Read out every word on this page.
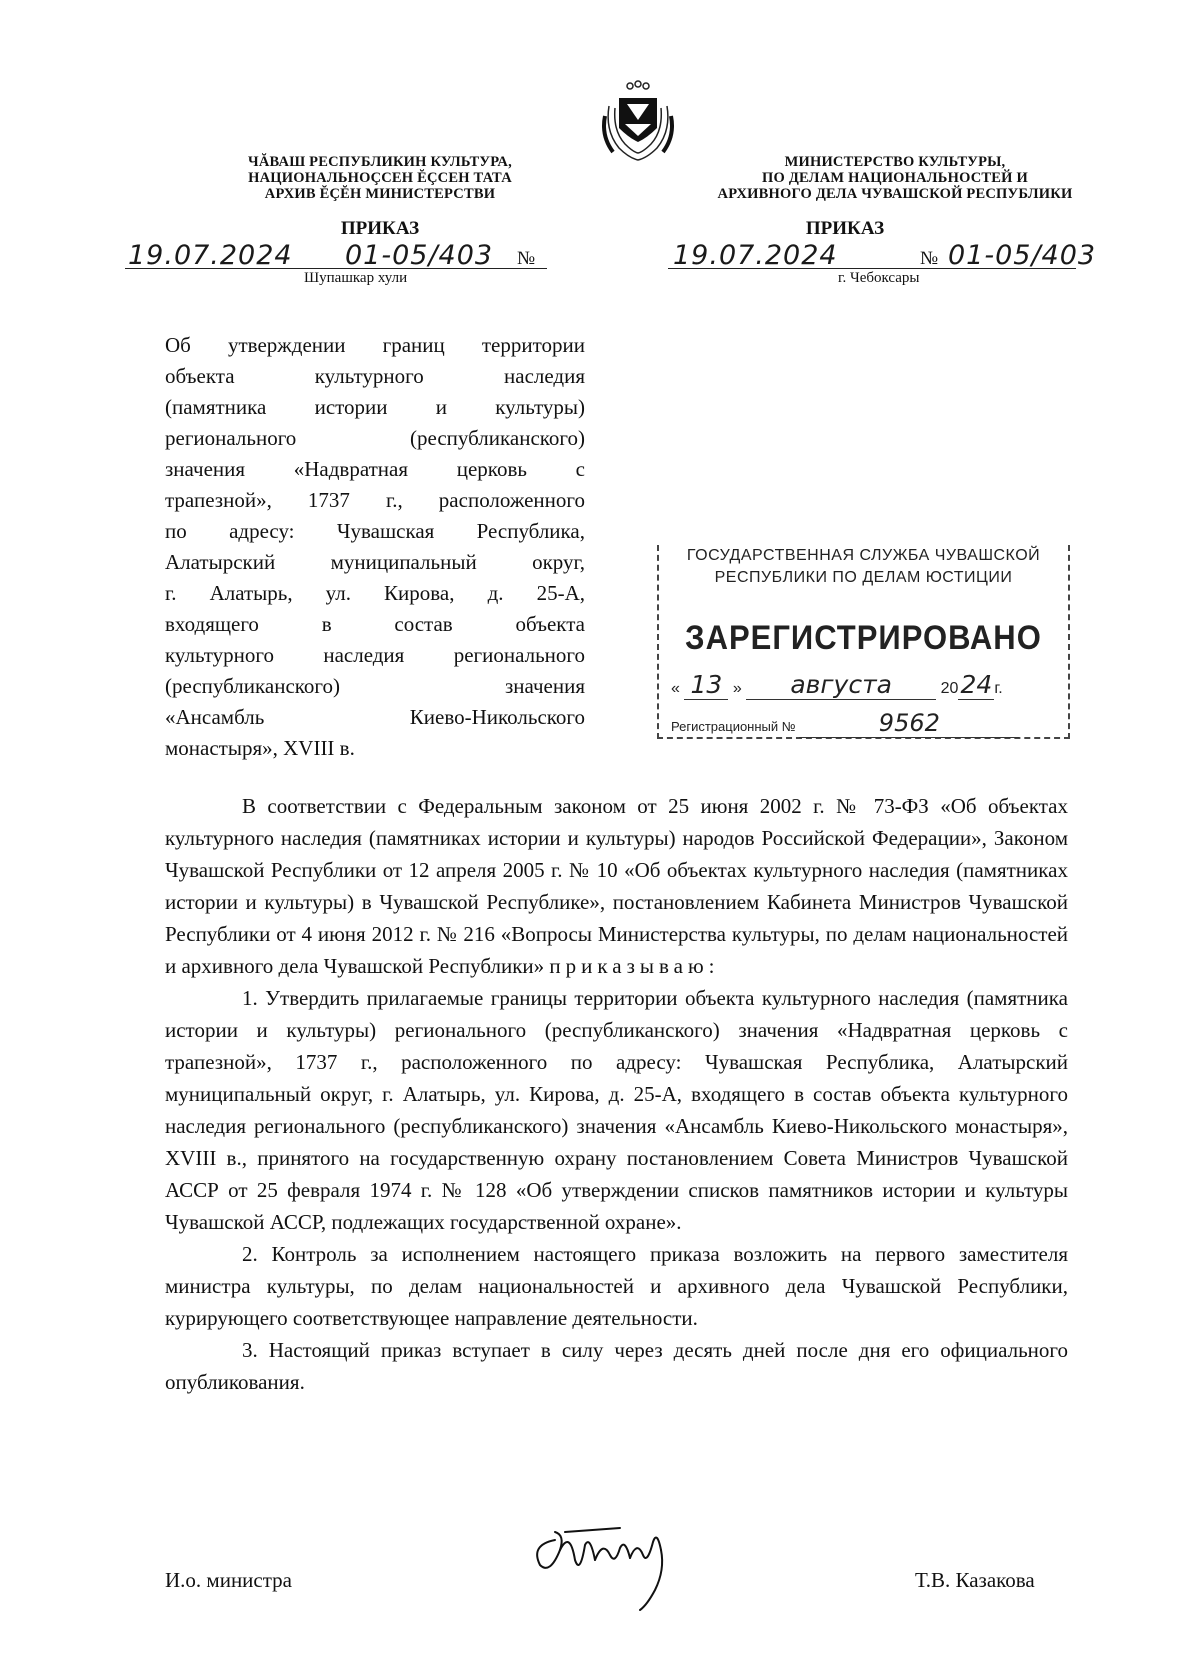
ЧĂВАШ РЕСПУБЛИКИН КУЛЬТУРА,
НАЦИОНАЛЬНОÇСЕН ĔÇСЕН ТАТА
АРХИВ ĔÇĔН МИНИСТЕРСТВИ
ПРИКАЗ
19.07.2024 01-05/403 №
Шупашкар хули
МИНИСТЕРСТВО КУЛЬТУРЫ,
ПО ДЕЛАМ НАЦИОНАЛЬНОСТЕЙ И
АРХИВНОГО ДЕЛА ЧУВАШСКОЙ РЕСПУБЛИКИ
ПРИКАЗ
19.07.2024	№ 01-05/403
г. Чебоксары
Об утверждении границ территории
объекта культурного наследия
(памятника истории и культуры)
регионального (республиканского)
значения «Надвратная церковь с
трапезной», 1737 г., расположенного
по адресу: Чувашская Республика,
Алатырский муниципальный округ,
г. Алатырь, ул. Кирова, д. 25-А,
входящего в состав объекта
культурного наследия регионального
(республиканского) значения
«Ансамбль Киево-Никольского
монастыря», XVIII в.
ГОСУДАРСТВЕННАЯ СЛУЖБА ЧУВАШСКОЙ
РЕСПУБЛИКИ ПО ДЕЛАМ ЮСТИЦИИ
ЗАРЕГИСТРИРОВАНО
« 13 » августа	2024 г.
Регистрационный №	9562

В соответствии с Федеральным законом от 25 июня 2002 г. № 73-ФЗ «Об объектах культурного наследия (памятниках истории и культуры) народов Российской Федерации», Законом Чувашской Республики от 12 апреля 2005 г. № 10 «Об объектах культурного наследия (памятниках истории и культуры) в Чувашской Республике», постановлением Кабинета Министров Чувашской Республики от 4 июня 2012 г. № 216 «Вопросы Министерства культуры, по делам национальностей и архивного дела Чувашской Республики» приказываю:

1. Утвердить прилагаемые границы территории объекта культурного наследия (памятника истории и культуры) регионального (республиканского) значения «Надвратная церковь с трапезной», 1737 г., расположенного по адресу: Чувашская Республика, Алатырский муниципальный округ, г. Алатырь, ул. Кирова, д. 25-А, входящего в состав объекта культурного наследия регионального (республиканского) значения «Ансамбль Киево-Никольского монастыря», XVIII в., принятого на государственную охрану постановлением Совета Министров Чувашской АССР от 25 февраля 1974 г. № 128 «Об утверждении списков памятников истории и культуры Чувашской АССР, подлежащих государственной охране».

2. Контроль за исполнением настоящего приказа возложить на первого заместителя министра культуры, по делам национальностей и архивного дела Чувашской Республики, курирующего соответствующее направление деятельности.

3. Настоящий приказ вступает в силу через десять дней после дня его официального опубликования.

И.о. министра	Т.В. Казакова
